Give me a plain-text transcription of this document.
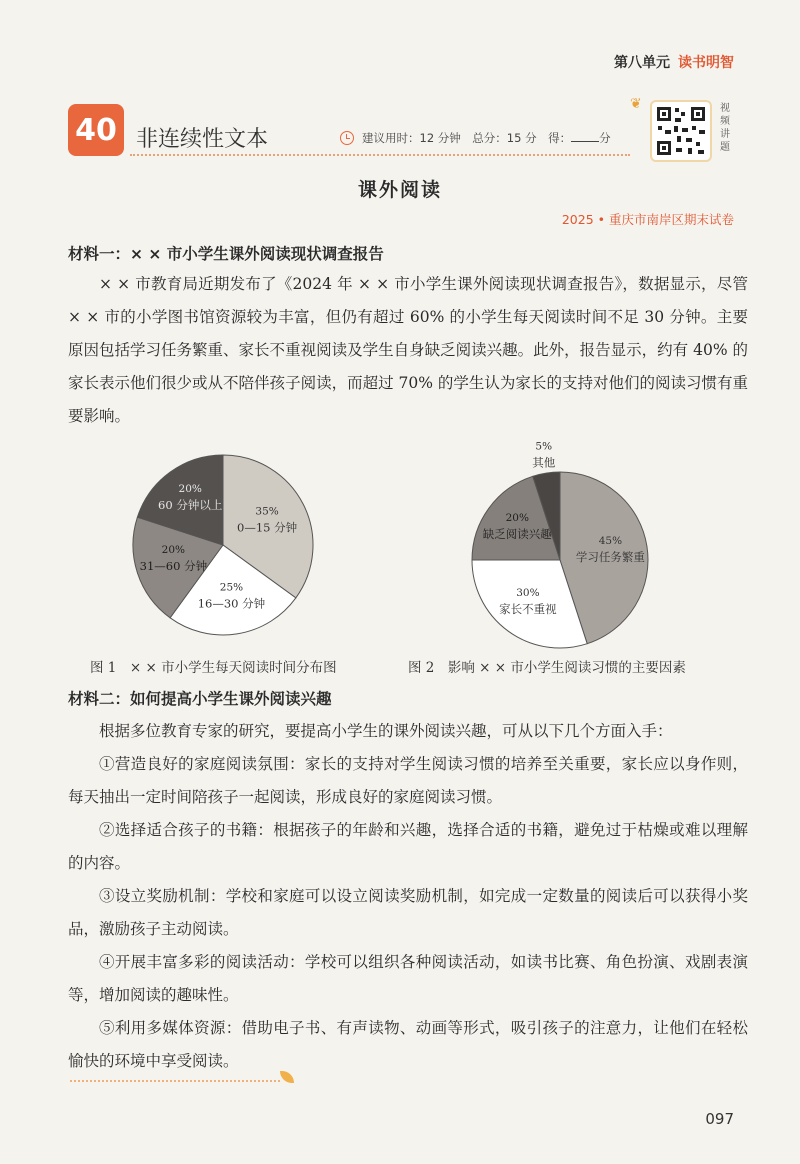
第八单元 读书明智
40 非连续性文本	建议用时：12 分钟  总分：15 分  得： 分
❦	视频讲题
课外阅读
2025 • 重庆市南岸区期末试卷
材料一：× × 市小学生课外阅读现状调查报告
× × 市教育局近期发布了《2024 年 × × 市小学生课外阅读现状调查报告》，数据显示，尽管 × × 市的小学图书馆资源较为丰富，但仍有超过 60% 的小学生每天阅读时间不足 30 分钟。主要原因包括学习任务繁重、家长不重视阅读及学生自身缺乏阅读兴趣。此外，报告显示，约有 40% 的家长表示他们很少或从不陪伴孩子阅读，而超过 70% 的学生认为家长的支持对他们的阅读习惯有重要影响。
35%
0—15 分钟
25%
16—30 分钟
20%
31—60 分钟
20%
60 分钟以上
45%
学习任务繁重
30%
家长不重视
20%
缺乏阅读兴趣
5%
其他
图 1　× × 市小学生每天阅读时间分布图	图 2　影响 × × 市小学生阅读习惯的主要因素
材料二：如何提高小学生课外阅读兴趣

根据多位教育专家的研究，要提高小学生的课外阅读兴趣，可从以下几个方面入手：

①营造良好的家庭阅读氛围：家长的支持对学生阅读习惯的培养至关重要，家长应以身作则，每天抽出一定时间陪孩子一起阅读，形成良好的家庭阅读习惯。

②选择适合孩子的书籍：根据孩子的年龄和兴趣，选择合适的书籍，避免过于枯燥或难以理解的内容。

③设立奖励机制：学校和家庭可以设立阅读奖励机制，如完成一定数量的阅读后可以获得小奖品，激励孩子主动阅读。

④开展丰富多彩的阅读活动：学校可以组织各种阅读活动，如读书比赛、角色扮演、戏剧表演等，增加阅读的趣味性。

⑤利用多媒体资源：借助电子书、有声读物、动画等形式，吸引孩子的注意力，让他们在轻松愉快的环境中享受阅读。

097
